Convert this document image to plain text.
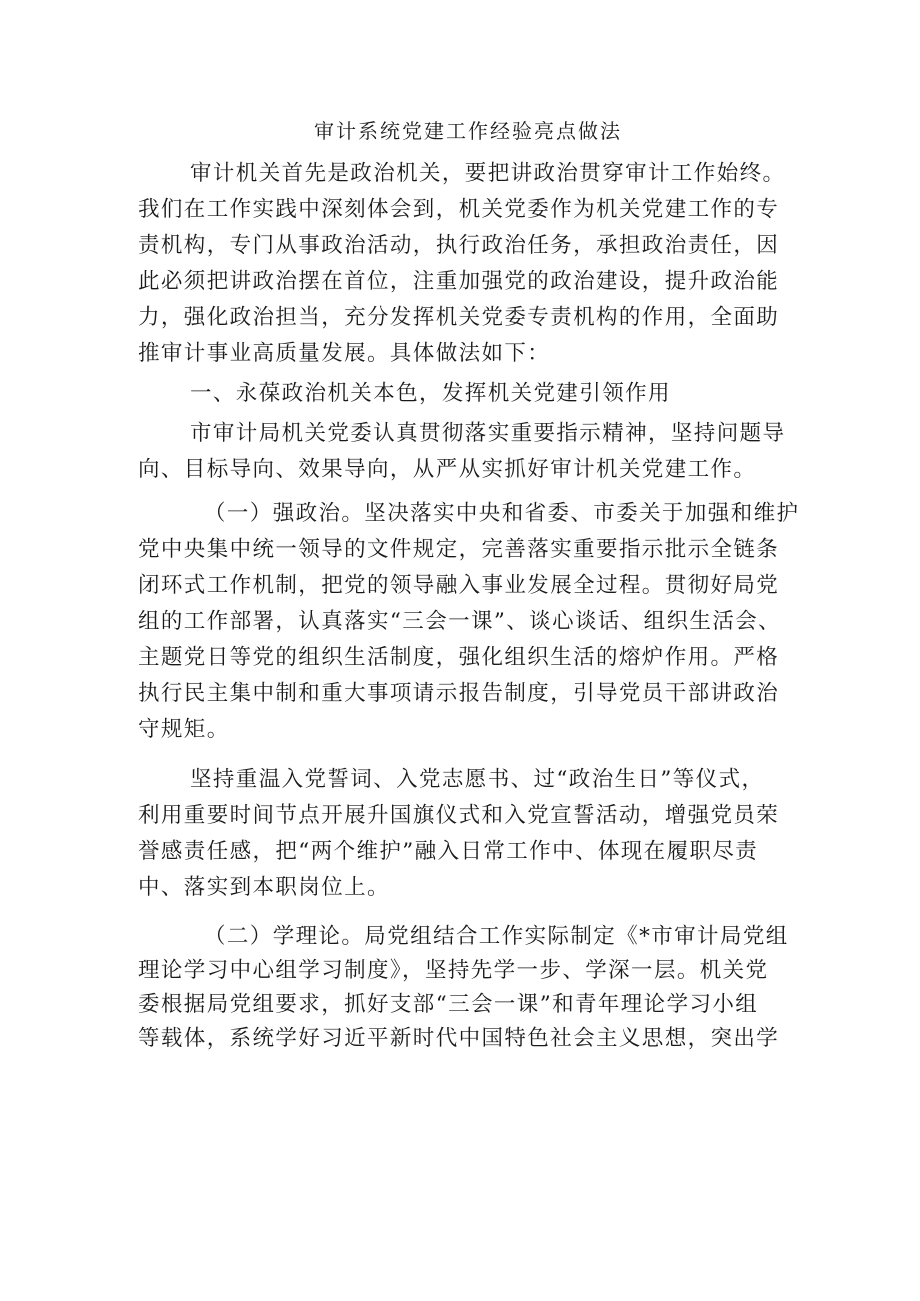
审计系统党建工作经验亮点做法
审计机关首先是政治机关，要把讲政治贯穿审计工作始终。
我们在工作实践中深刻体会到，机关党委作为机关党建工作的专
责机构，专门从事政治活动，执行政治任务，承担政治责任，因
此必须把讲政治摆在首位，注重加强党的政治建设，提升政治能
力，强化政治担当，充分发挥机关党委专责机构的作用，全面助
推审计事业高质量发展。具体做法如下：
一、永葆政治机关本色，发挥机关党建引领作用
市审计局机关党委认真贯彻落实重要指示精神，坚持问题导
向、目标导向、效果导向，从严从实抓好审计机关党建工作。
（一）强政治。坚决落实中央和省委、市委关于加强和维护
党中央集中统一领导的文件规定，完善落实重要指示批示全链条
闭环式工作机制，把党的领导融入事业发展全过程。贯彻好局党
组的工作部署，认真落实“三会一课”、谈心谈话、组织生活会、
主题党日等党的组织生活制度，强化组织生活的熔炉作用。严格
执行民主集中制和重大事项请示报告制度，引导党员干部讲政治
守规矩。
坚持重温入党誓词、入党志愿书、过“政治生日”等仪式，
利用重要时间节点开展升国旗仪式和入党宣誓活动，增强党员荣
誉感责任感，把“两个维护”融入日常工作中、体现在履职尽责
中、落实到本职岗位上。
（二）学理论。局党组结合工作实际制定《*市审计局党组
理论学习中心组学习制度》，坚持先学一步、学深一层。机关党
委根据局党组要求，抓好支部“三会一课”和青年理论学习小组
等载体，系统学好习近平新时代中国特色社会主义思想，突出学
